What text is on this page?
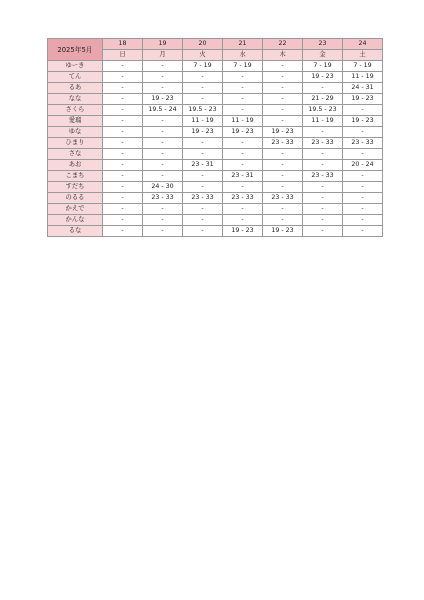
2025年5月	18	19	20	21	22	23	24
	日	月	火	水	木	金	土
ゆーき	-	-	7 - 19	7 - 19	-	7 - 19	7 - 19
てん	-	-	-	-	-	19 - 23	11 - 19
るあ	-	-	-	-	-	-	24 - 31
なな	-	19 - 23	-	-	-	21 - 29	19 - 23
さくら	-	19.5 - 24	19.5 - 23	-	-	19.5 - 23	-
愛瑠	-	-	11 - 19	11 - 19	-	11 - 19	19 - 23
ゆな	-	-	19 - 23	19 - 23	19 - 23	-	-
ひまり	-	-	-	-	23 - 33	23 - 33	23 - 33
さな	-	-	-	-	-	-	-
あお	-	-	23 - 31	-	-	-	20 - 24
こまち	-	-	-	23 - 31	-	23 - 33	-
すだち	-	24 - 30	-	-	-	-	-
のるる	-	23 - 33	23 - 33	23 - 33	23 - 33	-	-
かえで	-	-	-	-	-	-	-
かんな	-	-	-	-	-	-	-
るな	-	-	-	19 - 23	19 - 23	-	-
